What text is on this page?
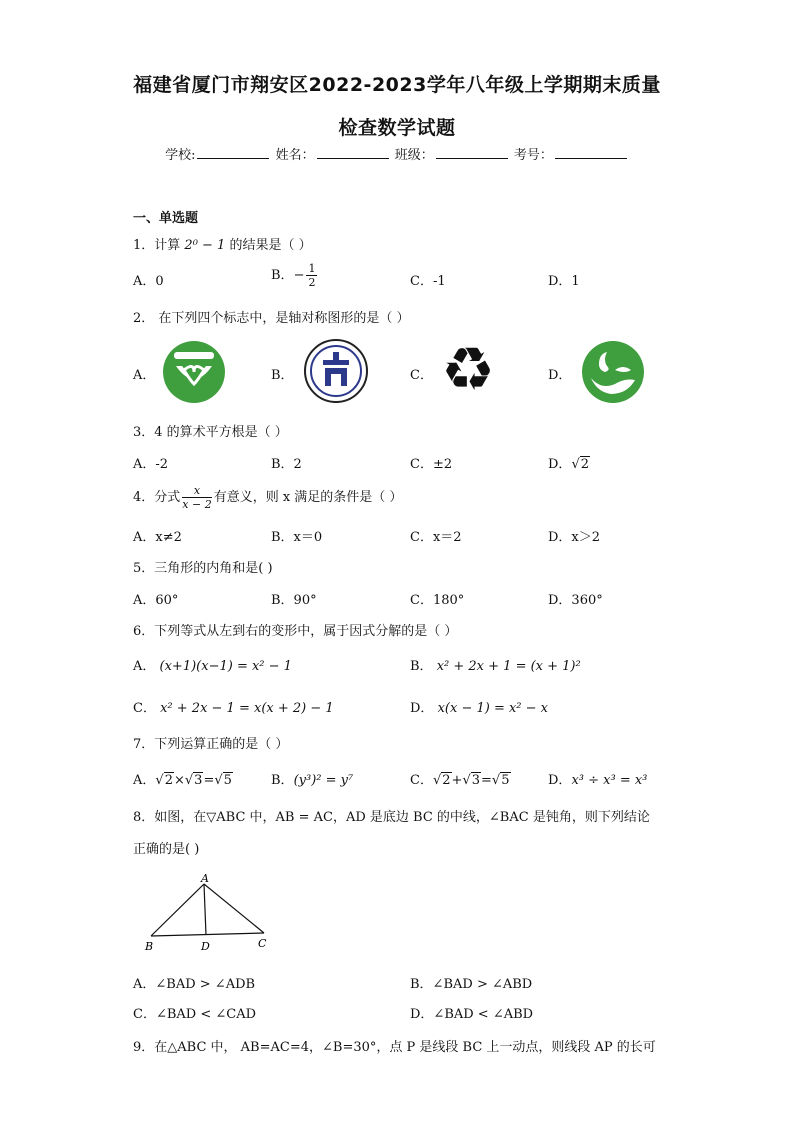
福建省厦门市翔安区2022-2023学年八年级上学期期末质量
检查数学试题
学校:	姓名：	班级：	考号：
一、单选题
1．计算 2⁰ − 1 的结果是（ ）
A．0	B．− $\frac{1}{2}$	C．-1	D．1
2． 在下列四个标志中，是轴对称图形的是（ ）
A．	B．	C．	D．
♻
3．4 的算术平方根是（ ）
A．-2	B．2	C．±2	D．√2
4．分式 $\frac{x}{x - 2}$ 有意义，则 x 满足的条件是（ ）
A．x≠2	B．x＝0	C．x＝2	D．x＞2
5．三角形的内角和是( )
A．60°	B．90°	C．180°	D．360°
6．下列等式从左到右的变形中，属于因式分解的是（ ）
A． (x+1)(x−1) = x² − 1	B． x² + 2x + 1 = (x + 1)²
C． x² + 2x − 1 = x(x + 2) − 1	D． x(x − 1) = x² − x
7．下列运算正确的是（ ）
A．√2×√3=√5	B．(y³)² = y⁷	C．√2+√3=√5	D．x³ ÷ x³ = x³
8．如图，在▽ABC 中，AB = AC，AD 是底边 BC 的中线，∠BAC 是钝角，则下列结论
正确的是( )
A
B	D	C
A．∠BAD > ∠ADB	B．∠BAD > ∠ABD
C．∠BAD < ∠CAD	D．∠BAD < ∠ABD
9．在△ABC 中， AB=AC=4，∠B=30°，点 P 是线段 BC 上一动点，则线段 AP 的长可
